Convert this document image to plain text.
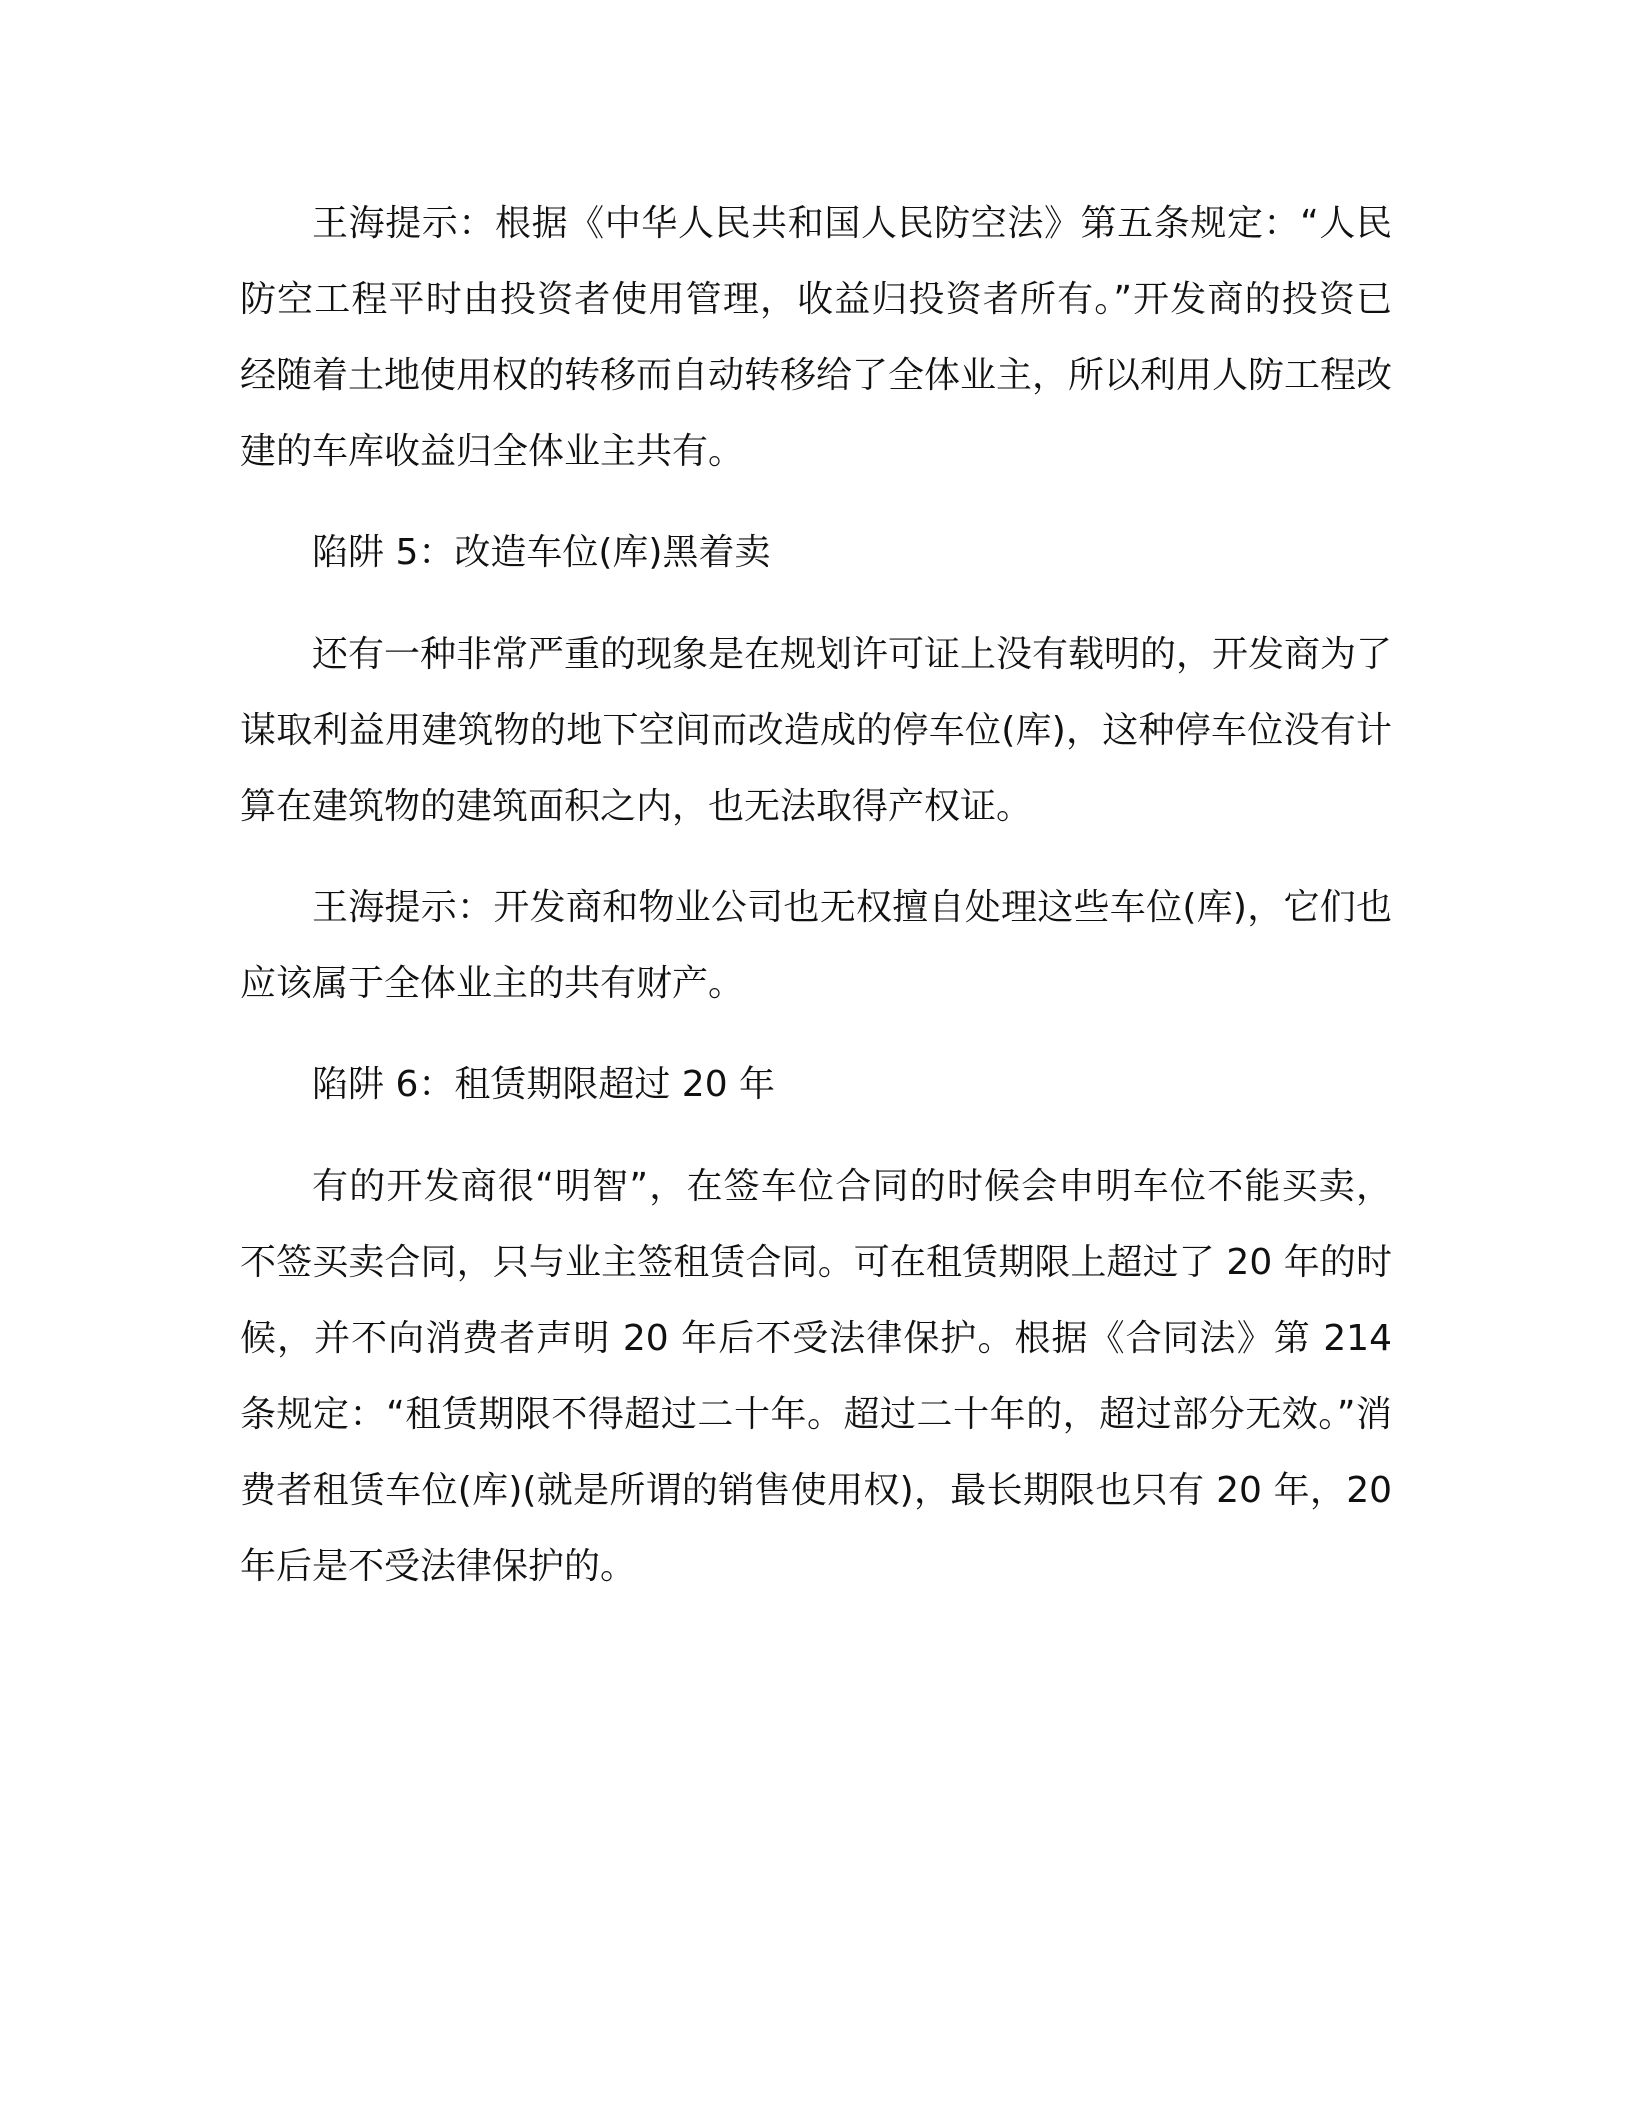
王海提示：根据《中华人民共和国人民防空法》第五条规定：“人民防空工程平时由投资者使用管理，收益归投资者所有。”开发商的投资已经随着土地使用权的转移而自动转移给了全体业主，所以利用人防工程改建的车库收益归全体业主共有。

陷阱 5：改造车位(库)黑着卖

还有一种非常严重的现象是在规划许可证上没有载明的，开发商为了谋取利益用建筑物的地下空间而改造成的停车位(库)，这种停车位没有计算在建筑物的建筑面积之内，也无法取得产权证。

王海提示：开发商和物业公司也无权擅自处理这些车位(库)，它们也应该属于全体业主的共有财产。

陷阱 6：租赁期限超过 20 年

有的开发商很“明智”，在签车位合同的时候会申明车位不能买卖，不签买卖合同，只与业主签租赁合同。可在租赁期限上超过了 20 年的时候，并不向消费者声明 20 年后不受法律保护。根据《合同法》第 214 条规定：“租赁期限不得超过二十年。超过二十年的，超过部分无效。”消费者租赁车位(库)(就是所谓的销售使用权)，最长期限也只有 20 年，20 年后是不受法律保护的。
